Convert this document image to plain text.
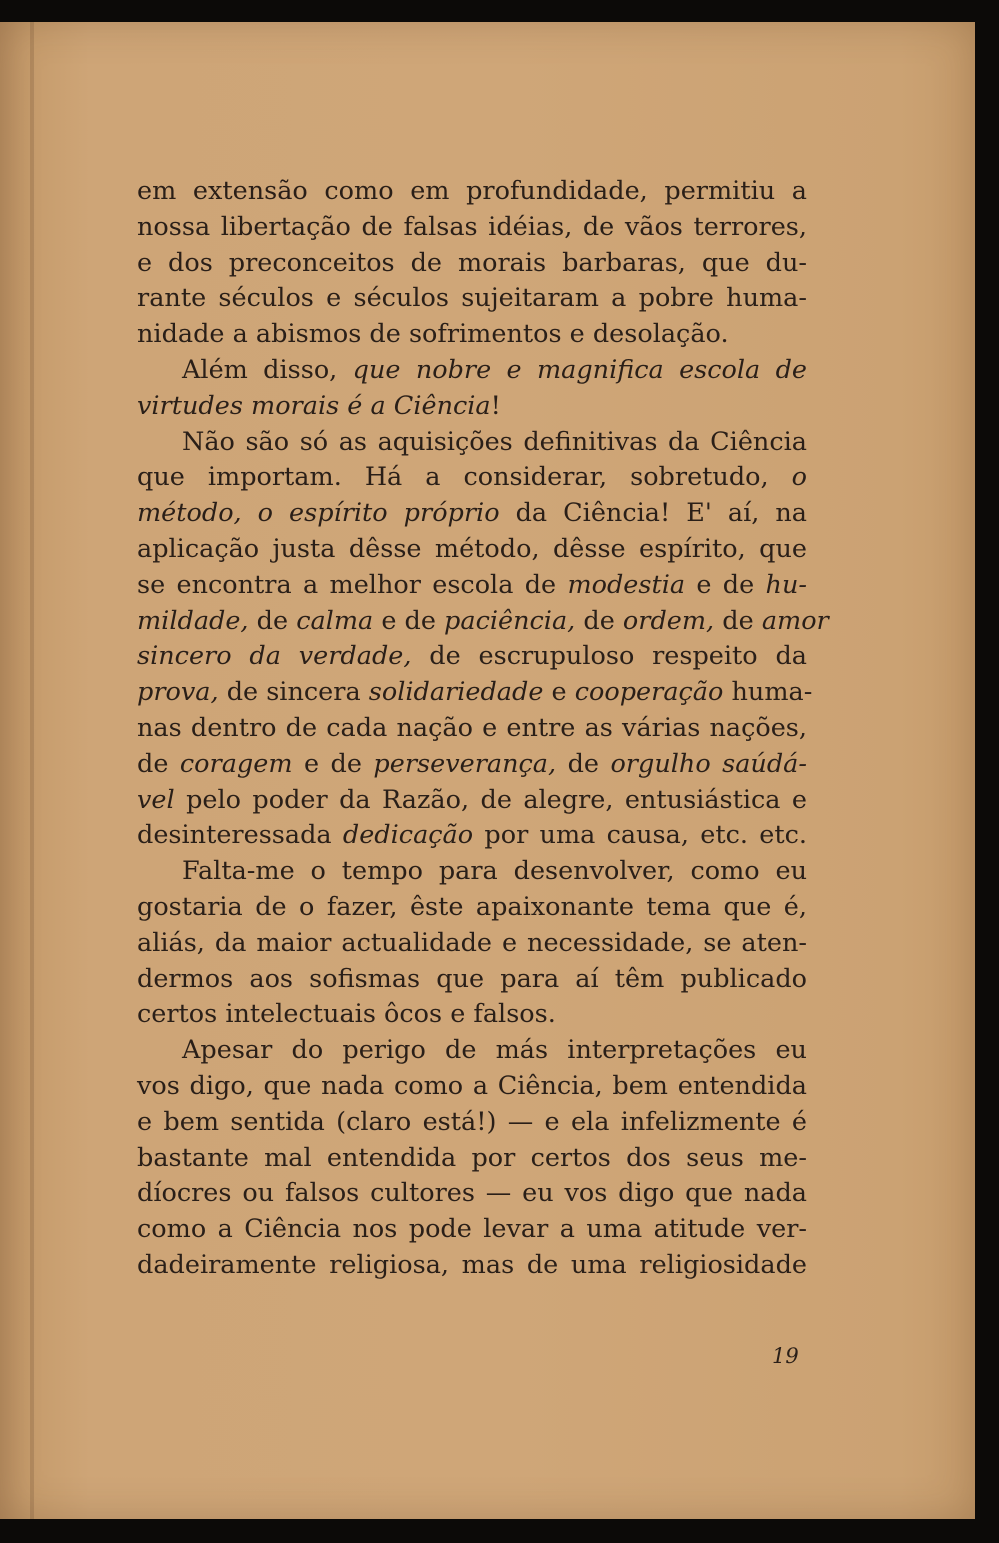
em extensão como em profundidade, permitiu a
nossa libertação de falsas idéias, de vãos terrores,
e dos preconceitos de morais barbaras, que du-
rante séculos e séculos sujeitaram a pobre huma-
nidade a abismos de sofrimentos e desolação.
Além disso, que nobre e magnifica escola de
virtudes morais é a Ciência!
Não são só as aquisições definitivas da Ciência
que importam. Há a considerar, sobretudo, o
método, o espírito próprio da Ciência! E' aí, na
aplicação justa dêsse método, dêsse espírito, que
se encontra a melhor escola de modestia e de hu-
mildade, de calma e de paciência, de ordem, de amor
sincero da verdade, de escrupuloso respeito da
prova, de sincera solidariedade e cooperação huma-
nas dentro de cada nação e entre as várias nações,
de coragem e de perseverança, de orgulho saúdá-
vel pelo poder da Razão, de alegre, entusiástica e
desinteressada dedicação por uma causa, etc. etc.
Falta-me o tempo para desenvolver, como eu
gostaria de o fazer, êste apaixonante tema que é,
aliás, da maior actualidade e necessidade, se aten-
dermos aos sofismas que para aí têm publicado
certos intelectuais ôcos e falsos.
Apesar do perigo de más interpretações eu
vos digo, que nada como a Ciência, bem entendida
e bem sentida (claro está!) — e ela infelizmente é
bastante mal entendida por certos dos seus me-
díocres ou falsos cultores — eu vos digo que nada
como a Ciência nos pode levar a uma atitude ver-
dadeiramente religiosa, mas de uma religiosidade
19
